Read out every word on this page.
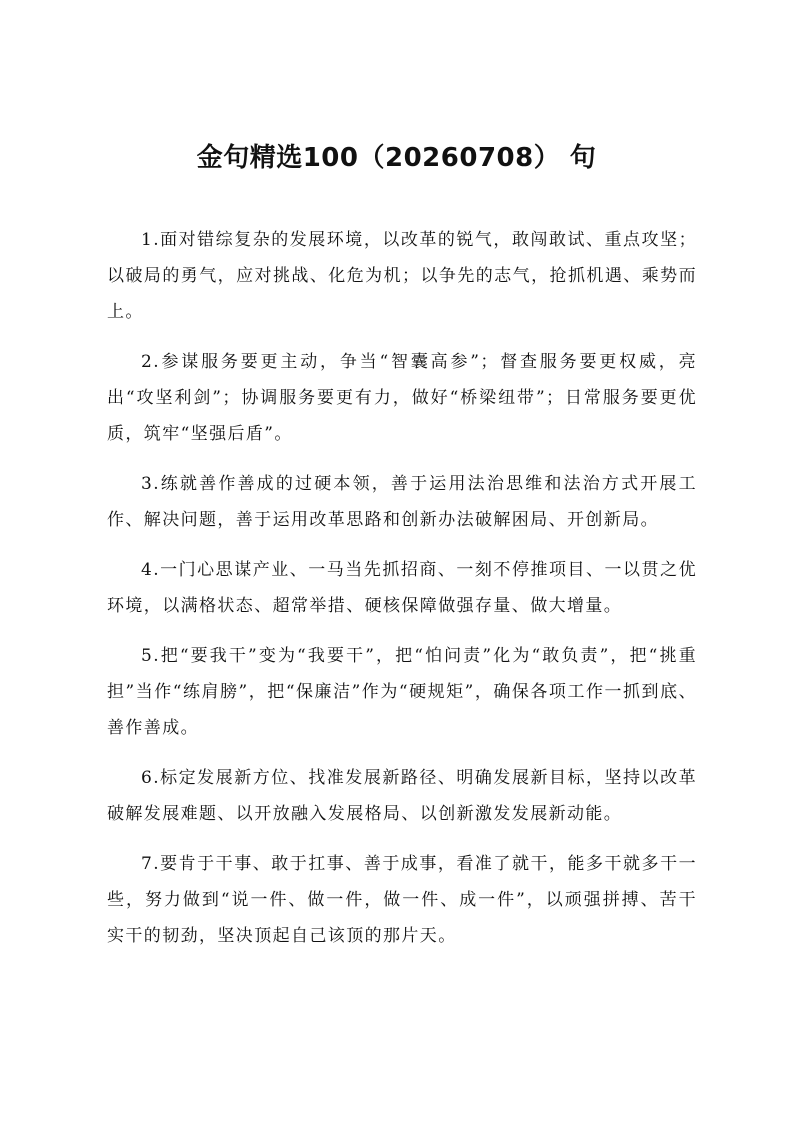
金句精选100（20260708） 句

1.面对错综复杂的发展环境，以改革的锐气，敢闯敢试、重点攻坚；以破局的勇气，应对挑战、化危为机；以争先的志气，抢抓机遇、乘势而上。

2.参谋服务要更主动，争当“智囊高参”；督查服务要更权威，亮出“攻坚利剑”；协调服务要更有力，做好“桥梁纽带”；日常服务要更优质，筑牢“坚强后盾”。

3.练就善作善成的过硬本领，善于运用法治思维和法治方式开展工作、解决问题，善于运用改革思路和创新办法破解困局、开创新局。

4.一门心思谋产业、一马当先抓招商、一刻不停推项目、一以贯之优环境，以满格状态、超常举措、硬核保障做强存量、做大增量。

5.把“要我干”变为“我要干”，把“怕问责”化为“敢负责”，把“挑重担”当作“练肩膀”，把“保廉洁”作为“硬规矩”，确保各项工作一抓到底、善作善成。

6.标定发展新方位、找准发展新路径、明确发展新目标，坚持以改革破解发展难题、以开放融入发展格局、以创新激发发展新动能。

7.要肯于干事、敢于扛事、善于成事，看准了就干，能多干就多干一些，努力做到“说一件、做一件，做一件、成一件”，以顽强拼搏、苦干实干的韧劲，坚决顶起自己该顶的那片天。
